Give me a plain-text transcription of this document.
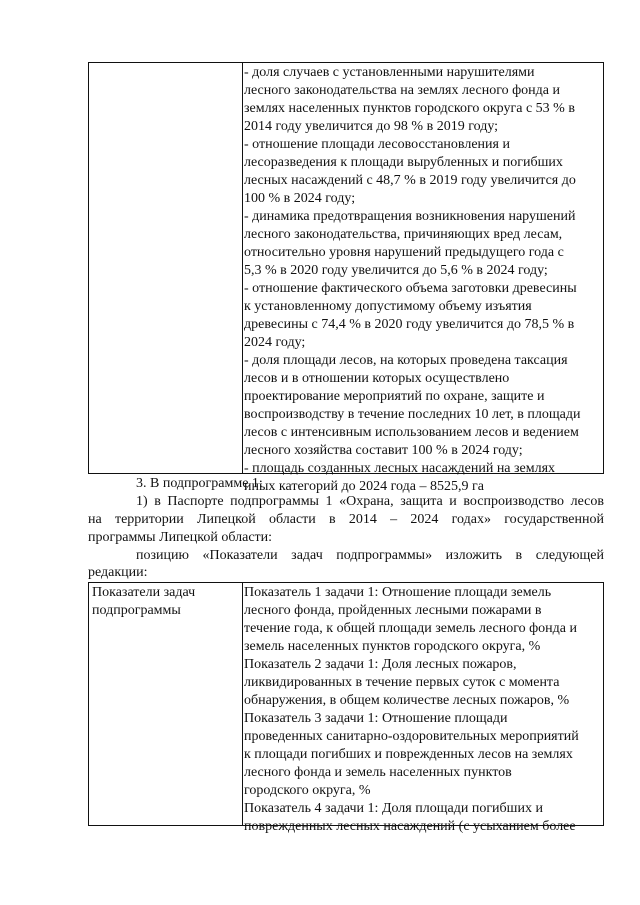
- доля случаев с установленными нарушителями
лесного законодательства на землях лесного фонда и
землях населенных пунктов городского округа с 53 % в
2014 году увеличится до 98 % в 2019 году;
- отношение площади лесовосстановления и
лесоразведения к площади вырубленных и погибших
лесных насаждений с 48,7 % в 2019 году увеличится до
100 % в 2024 году;
- динамика предотвращения возникновения нарушений
лесного законодательства, причиняющих вред лесам,
относительно уровня нарушений предыдущего года с
5,3 % в 2020 году увеличится до 5,6 % в 2024 году;
- отношение фактического объема заготовки древесины
к установленному допустимому объему изъятия
древесины с 74,4 % в 2020 году увеличится до 78,5 % в
2024 году;
- доля площади лесов, на которых проведена таксация
лесов и в отношении которых осуществлено
проектирование мероприятий по охране, защите и
воспроизводству в течение последних 10 лет, в площади
лесов с интенсивным использованием лесов и ведением
лесного хозяйства составит 100 % в 2024 году;
- площадь созданных лесных насаждений на землях
иных категорий до 2024 года – 8525,9 га
3. В подпрограмме 1:
1) в Паспорте подпрограммы 1 «Охрана, защита и воспроизводство лесов
на территории Липецкой области в 2014 – 2024 годах» государственной
программы Липецкой области:
позицию «Показатели задач подпрограммы» изложить в следующей
редакции:
Показатели задач
подпрограммы
Показатель 1 задачи 1: Отношение площади земель
лесного фонда, пройденных лесными пожарами в
течение года, к общей площади земель лесного фонда и
земель населенных пунктов городского округа, %
Показатель 2 задачи 1: Доля лесных пожаров,
ликвидированных в течение первых суток с момента
обнаружения, в общем количестве лесных пожаров, %
Показатель 3 задачи 1: Отношение площади
проведенных санитарно-оздоровительных мероприятий
к площади погибших и поврежденных лесов на землях
лесного фонда и земель населенных пунктов
городского округа, %
Показатель 4 задачи 1: Доля площади погибших и
поврежденных лесных насаждений (с усыханием более
